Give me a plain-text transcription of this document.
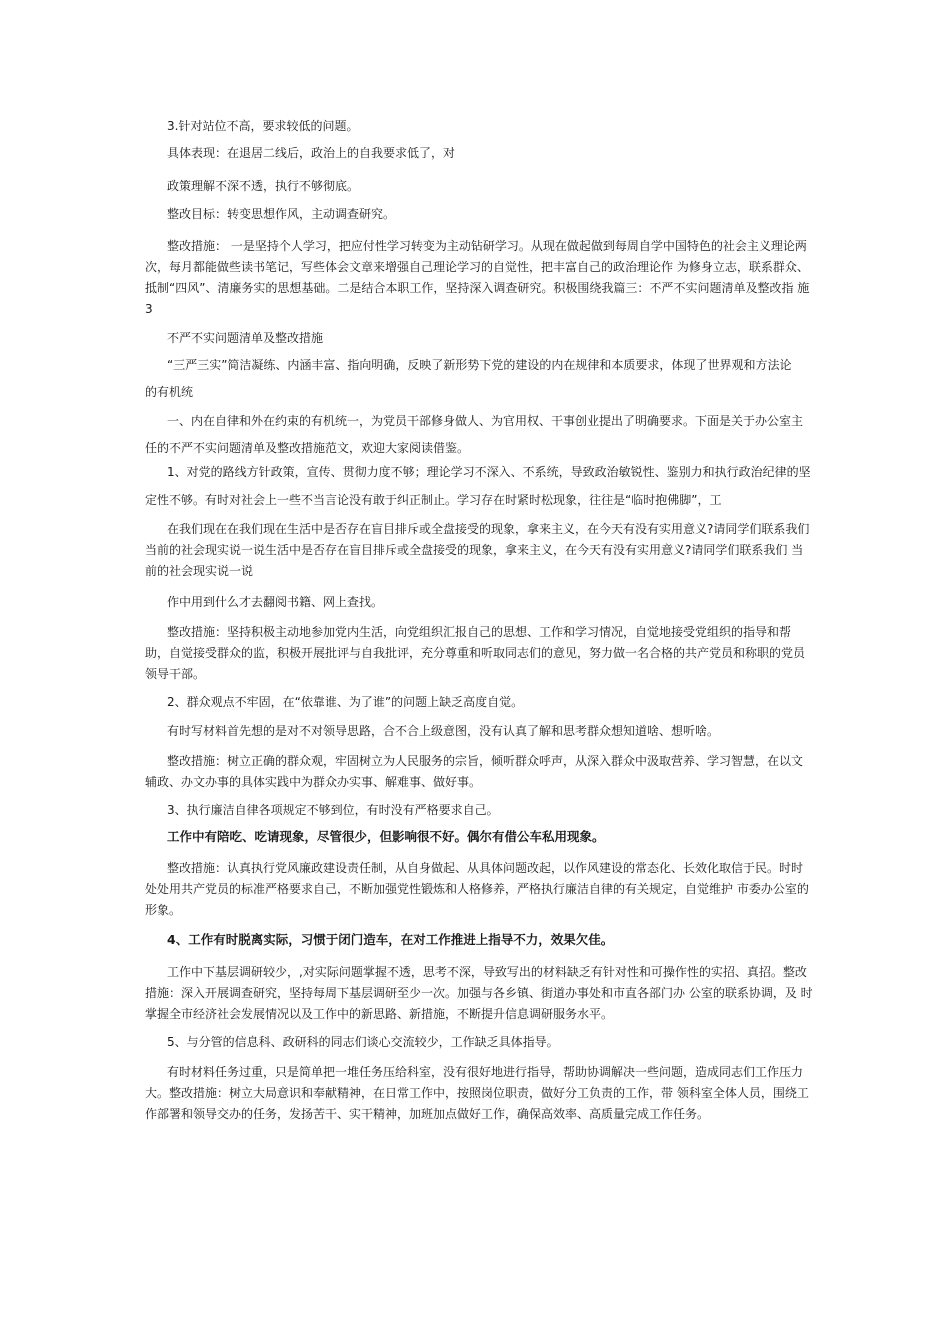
3.针对站位不高，要求较低的问题。

具体表现：在退居二线后，政治上的自我要求低了，对

政策理解不深不透，执行不够彻底。

整改目标：转变思想作风，主动调查研究。

整改措施： 一是坚持个人学习，把应付性学习转变为主动钻研学习。从现在做起做到每周自学中国特色的社会主义理论两次，每月都能做些读书笔记，写些体会文章来增强自己理论学习的自觉性，把丰富自己的政治理论作 为修身立志，联系群众、 抵制“四风”、清廉务实的思想基础。二是结合本职工作，坚持深入调查研究。积极围绕我篇三：不严不实问题清单及整改指 施 3

不严不实问题清单及整改措施

“三严三实”简洁凝练、内涵丰富、指向明确，反映了新形势下党的建设的内在规律和本质要求，体现了世界观和方法论

的有机统

一、内在自律和外在约束的有机统一，为党员干部修身做人、为官用权、干事创业提出了明确要求。下面是关于办公室主

任的不严不实问题清单及整改措施范文，欢迎大家阅读借鉴。

1、对党的路线方针政策，宣传、贯彻力度不够；理论学习不深入、不系统，导致政治敏锐性、鉴别力和执行政治纪律的坚

定性不够。有时对社会上一些不当言论没有敢于纠正制止。学习存在时紧时松现象，往往是“临时抱佛脚”，工

在我们现在在我们现在生活中是否存在盲目排斥或全盘接受的现象，拿来主义，在今天有没有实用意义?请同学们联系我们当前的社会现实说一说生活中是否存在盲目排斥或全盘接受的现象，拿来主义，在今天有没有实用意义?请同学们联系我们 当前的社会现实说一说

作中用到什么才去翻阅书籍、网上查找。

整改措施：坚持积极主动地参加党内生活，向党组织汇报自己的思想、工作和学习情况，自觉地接受党组织的指导和帮助，自觉接受群众的监，积极开展批评与自我批评，充分尊重和听取同志们的意见，努力做一名合格的共产党员和称职的党员领导干部。

2、群众观点不牢固，在“依靠谁、为了谁”的问题上缺乏高度自觉。

有时写材料首先想的是对不对领导思路，合不合上级意图，没有认真了解和思考群众想知道啥、想听啥。

整改措施：树立正确的群众观，牢固树立为人民服务的宗旨，倾听群众呼声，从深入群众中汲取营养、学习智慧，在以文 辅政、办文办事的具体实践中为群众办实事、解难事、做好事。

3、执行廉洁自律各项规定不够到位，有时没有严格要求自己。

工作中有陪吃、吃请现象，尽管很少，但影响很不好。偶尔有借公车私用现象。

整改措施：认真执行党风廉政建设责任制，从自身做起、从具体问题改起，以作风建设的常态化、长效化取信于民。时时处处用共产党员的标准严格要求自己，不断加强党性锻炼和人格修养，严格执行廉洁自律的有关规定，自觉维护 市委办公室的 形象。

4、工作有时脱离实际，习惯于闭门造车，在对工作推进上指导不力，效果欠佳。

工作中下基层调研较少，,对实际问题掌握不透，思考不深，导致写出的材料缺乏有针对性和可操作性的实招、真招。整改措施：深入开展调查研究，坚持每周下基层调研至少一次。加强与各乡镇、街道办事处和市直各部门办 公室的联系协调，及 时掌握全市经济社会发展情况以及工作中的新思路、新措施，不断提升信息调研服务水平。

5、与分管的信息科、政研科的同志们谈心交流较少，工作缺乏具体指导。

有时材料任务过重，只是简单把一堆任务压给科室，没有很好地进行指导，帮助协调解决一些问题，造成同志们工作压力大。整改措施：树立大局意识和奉献精神，在日常工作中，按照岗位职责，做好分工负责的工作，带 领科室全体人员，围绕工 作部署和领导交办的任务，发扬苦干、实干精神，加班加点做好工作，确保高效率、高质量完成工作任务。
